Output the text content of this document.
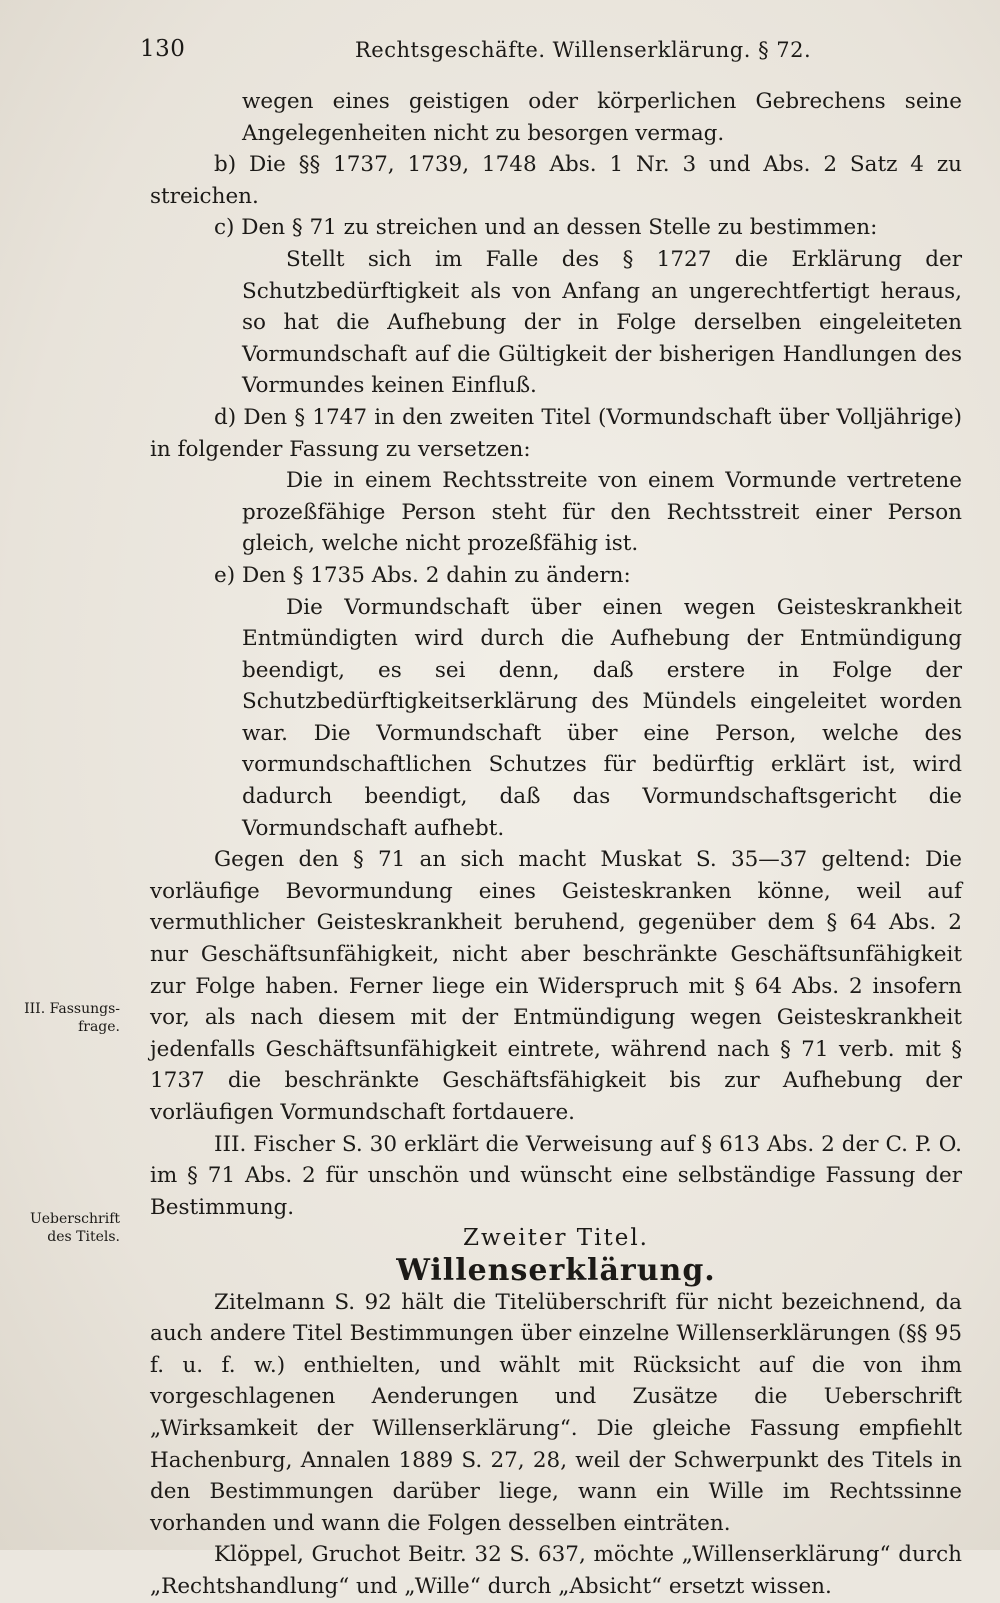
130	Rechtsgeschäfte. Willenserklärung. § 72.
III. Fassungs-
frage.
Ueberschrift
des Titels.

wegen eines geistigen oder körperlichen Gebrechens seine Angelegenheiten nicht zu besorgen vermag.

b) Die §§ 1737, 1739, 1748 Abs. 1 Nr. 3 und Abs. 2 Satz 4 zu streichen.

c) Den § 71 zu streichen und an dessen Stelle zu bestimmen:

Stellt sich im Falle des § 1727 die Erklärung der Schutzbedürftigkeit als von Anfang an ungerechtfertigt heraus, so hat die Aufhebung der in Folge derselben eingeleiteten Vormundschaft auf die Gültigkeit der bisherigen Handlungen des Vormundes keinen Einfluß.

d) Den § 1747 in den zweiten Titel (Vormundschaft über Volljährige) in folgender Fassung zu versetzen:

Die in einem Rechtsstreite von einem Vormunde vertretene prozeßfähige Person steht für den Rechtsstreit einer Person gleich, welche nicht prozeßfähig ist.

e) Den § 1735 Abs. 2 dahin zu ändern:

Die Vormundschaft über einen wegen Geisteskrankheit Entmündigten wird durch die Aufhebung der Entmündigung beendigt, es sei denn, daß erstere in Folge der Schutzbedürftigkeitserklärung des Mündels eingeleitet worden war. Die Vormundschaft über eine Person, welche des vormundschaftlichen Schutzes für bedürftig erklärt ist, wird dadurch beendigt, daß das Vormundschaftsgericht die Vormundschaft aufhebt.

Gegen den § 71 an sich macht Muskat S. 35—37 geltend: Die vorläufige Bevormundung eines Geisteskranken könne, weil auf vermuthlicher Geisteskrankheit beruhend, gegenüber dem § 64 Abs. 2 nur Geschäftsunfähigkeit, nicht aber beschränkte Geschäftsunfähigkeit zur Folge haben. Ferner liege ein Widerspruch mit § 64 Abs. 2 insofern vor, als nach diesem mit der Entmündigung wegen Geisteskrankheit jedenfalls Geschäftsunfähigkeit eintrete, während nach § 71 verb. mit § 1737 die beschränkte Geschäftsfähigkeit bis zur Aufhebung der vorläufigen Vormundschaft fortdauere.

III. Fischer S. 30 erklärt die Verweisung auf § 613 Abs. 2 der C. P. O. im § 71 Abs. 2 für unschön und wünscht eine selbständige Fassung der Bestimmung.

Zweiter Titel.

Willenserklärung.

Zitelmann S. 92 hält die Titelüberschrift für nicht bezeichnend, da auch andere Titel Bestimmungen über einzelne Willenserklärungen (§§ 95 f. u. f. w.) enthielten, und wählt mit Rücksicht auf die von ihm vorgeschlagenen Aenderungen und Zusätze die Ueberschrift „Wirksamkeit der Willenserklärung“. Die gleiche Fassung empfiehlt Hachenburg, Annalen 1889 S. 27, 28, weil der Schwerpunkt des Titels in den Bestimmungen darüber liege, wann ein Wille im Rechtssinne vorhanden und wann die Folgen desselben einträten.

Klöppel, Gruchot Beitr. 32 S. 637, möchte „Willenserklärung“ durch „Rechtshandlung“ und „Wille“ durch „Absicht“ ersetzt wissen.
